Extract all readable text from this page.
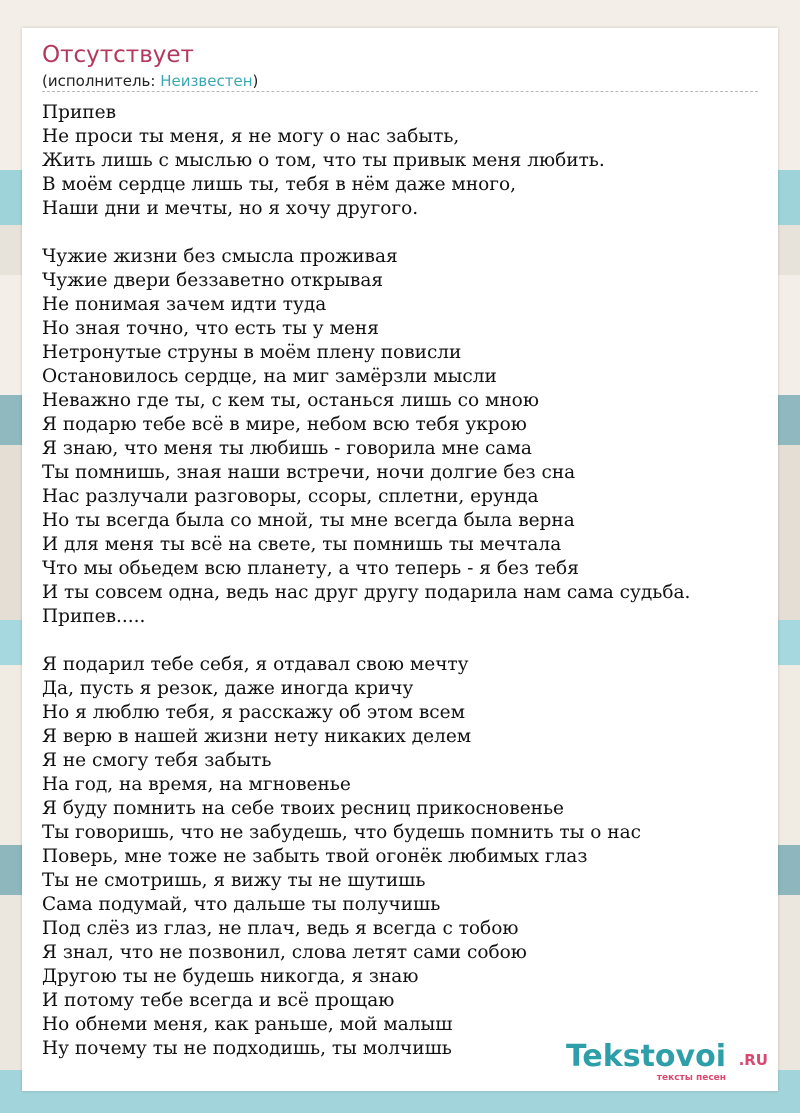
Отсутствует
(исполнитель: Неизвестен)
Припев
Не проси ты меня, я не могу о нас забыть,
Жить лишь с мыслью о том, что ты привык меня любить.
В моём сердце лишь ты, тебя в нём даже много,
Наши дни и мечты, но я хочу другого.

Чужие жизни без смысла проживая
Чужие двери беззаветно открывая
Не понимая зачем идти туда
Но зная точно, что есть ты у меня
Нетронутые струны в моём плену повисли
Остановилось сердце, на миг замёрзли мысли
Неважно где ты, с кем ты, останься лишь со мною
Я подарю тебе всё в мире, небом всю тебя укрою
Я знаю, что меня ты любишь - говорила мне сама
Ты помнишь, зная наши встречи, ночи долгие без сна
Нас разлучали разговоры, ссоры, сплетни, ерунда
Но ты всегда была со мной, ты мне всегда была верна
И для меня ты всё на свете, ты помнишь ты мечтала
Что мы обьедем всю планету, а что теперь - я без тебя
И ты совсем одна, ведь нас друг другу подарила нам сама судьба.
Припев.....

Я подарил тебе себя, я отдавал свою мечту
Да, пусть я резок, даже иногда кричу
Но я люблю тебя, я расскажу об этом всем
Я верю в нашей жизни нету никаких делем
Я не смогу тебя забыть
На год, на время, на мгновенье
Я буду помнить на себе твоих ресниц прикосновенье
Ты говоришь, что не забудешь, что будешь помнить ты о нас
Поверь, мне тоже не забыть твой огонёк любимых глаз
Ты не смотришь, я вижу ты не шутишь
Сама подумай, что дальше ты получишь
Под слёз из глаз, не плач, ведь я всегда с тобою
Я знал, что не позвонил, слова летят сами собою
Другою ты не будешь никогда, я знаю
И потому тебе всегда и всё прощаю
Но обнеми меня, как раньше, мой малыш
Ну почему ты не подходишь, ты молчишь	Tekstovoi .RU
тексты песен
